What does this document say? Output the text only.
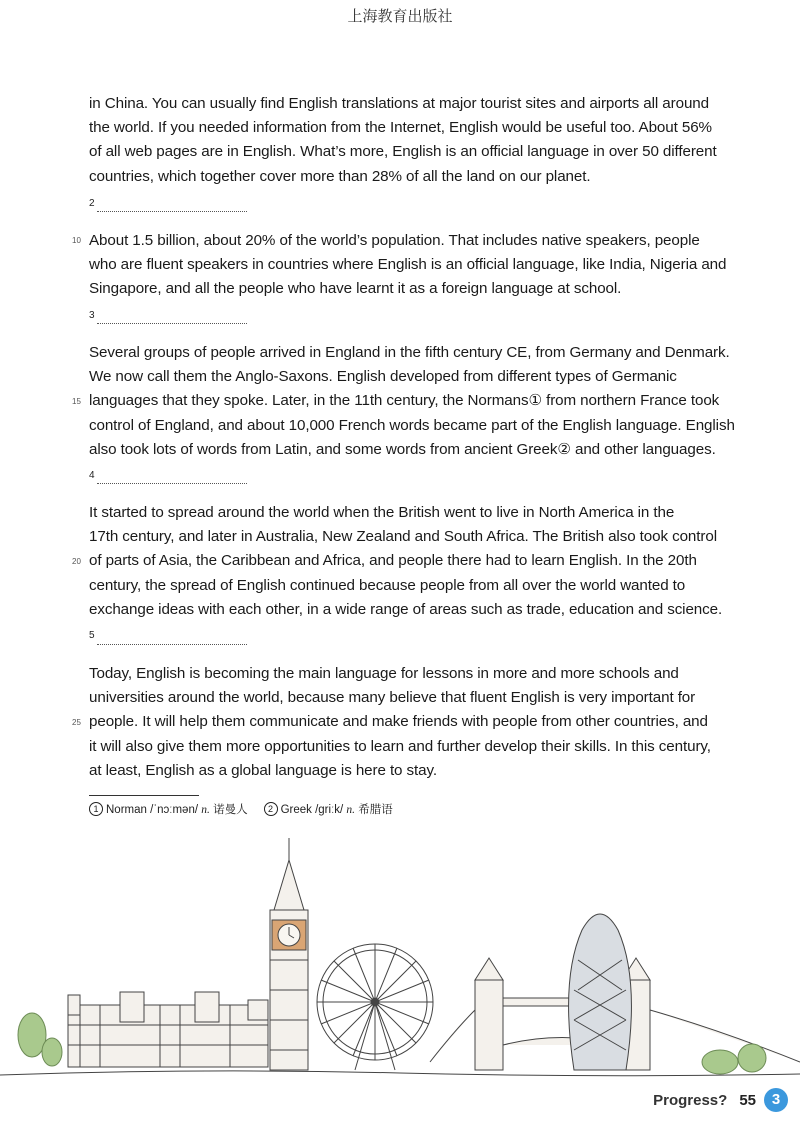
上海教育出版社
in China. You can usually find English translations at major tourist sites and airports all around
the world. If you needed information from the Internet, English would be useful too. About 56%
of all web pages are in English. What’s more, English is an official language in over 50 different
countries, which together cover more than 28% of all the land on our planet.
2
10 About 1.5 billion, about 20% of the world’s population. That includes native speakers, people
who are fluent speakers in countries where English is an official language, like India, Nigeria and
Singapore, and all the people who have learnt it as a foreign language at school.
3
15
Several groups of people arrived in England in the fifth century CE, from Germany and Denmark.
We now call them the Anglo-Saxons. English developed from different types of Germanic
languages that they spoke. Later, in the 11th century, the Normans① from northern France took
control of England, and about 10,000 French words became part of the English language. English
also took lots of words from Latin, and some words from ancient Greek② and other languages.
4
20
It started to spread around the world when the British went to live in North America in the
17th century, and later in Australia, New Zealand and South Africa. The British also took control
of parts of Asia, the Caribbean and Africa, and people there had to learn English. In the 20th
century, the spread of English continued because people from all over the world wanted to
exchange ideas with each other, in a wide range of areas such as trade, education and science.
5
25
Today, English is becoming the main language for lessons in more and more schools and
universities around the world, because many believe that fluent English is very important for
people. It will help them communicate and make friends with people from other countries, and
it will also give them more opportunities to learn and further develop their skills. In this century,
at least, English as a global language is here to stay.
1 Norman /ˈnɔːmən/ n. 诺曼人 2 Greek /ɡriːk/ n. 希腊语
Progress? 55	3
